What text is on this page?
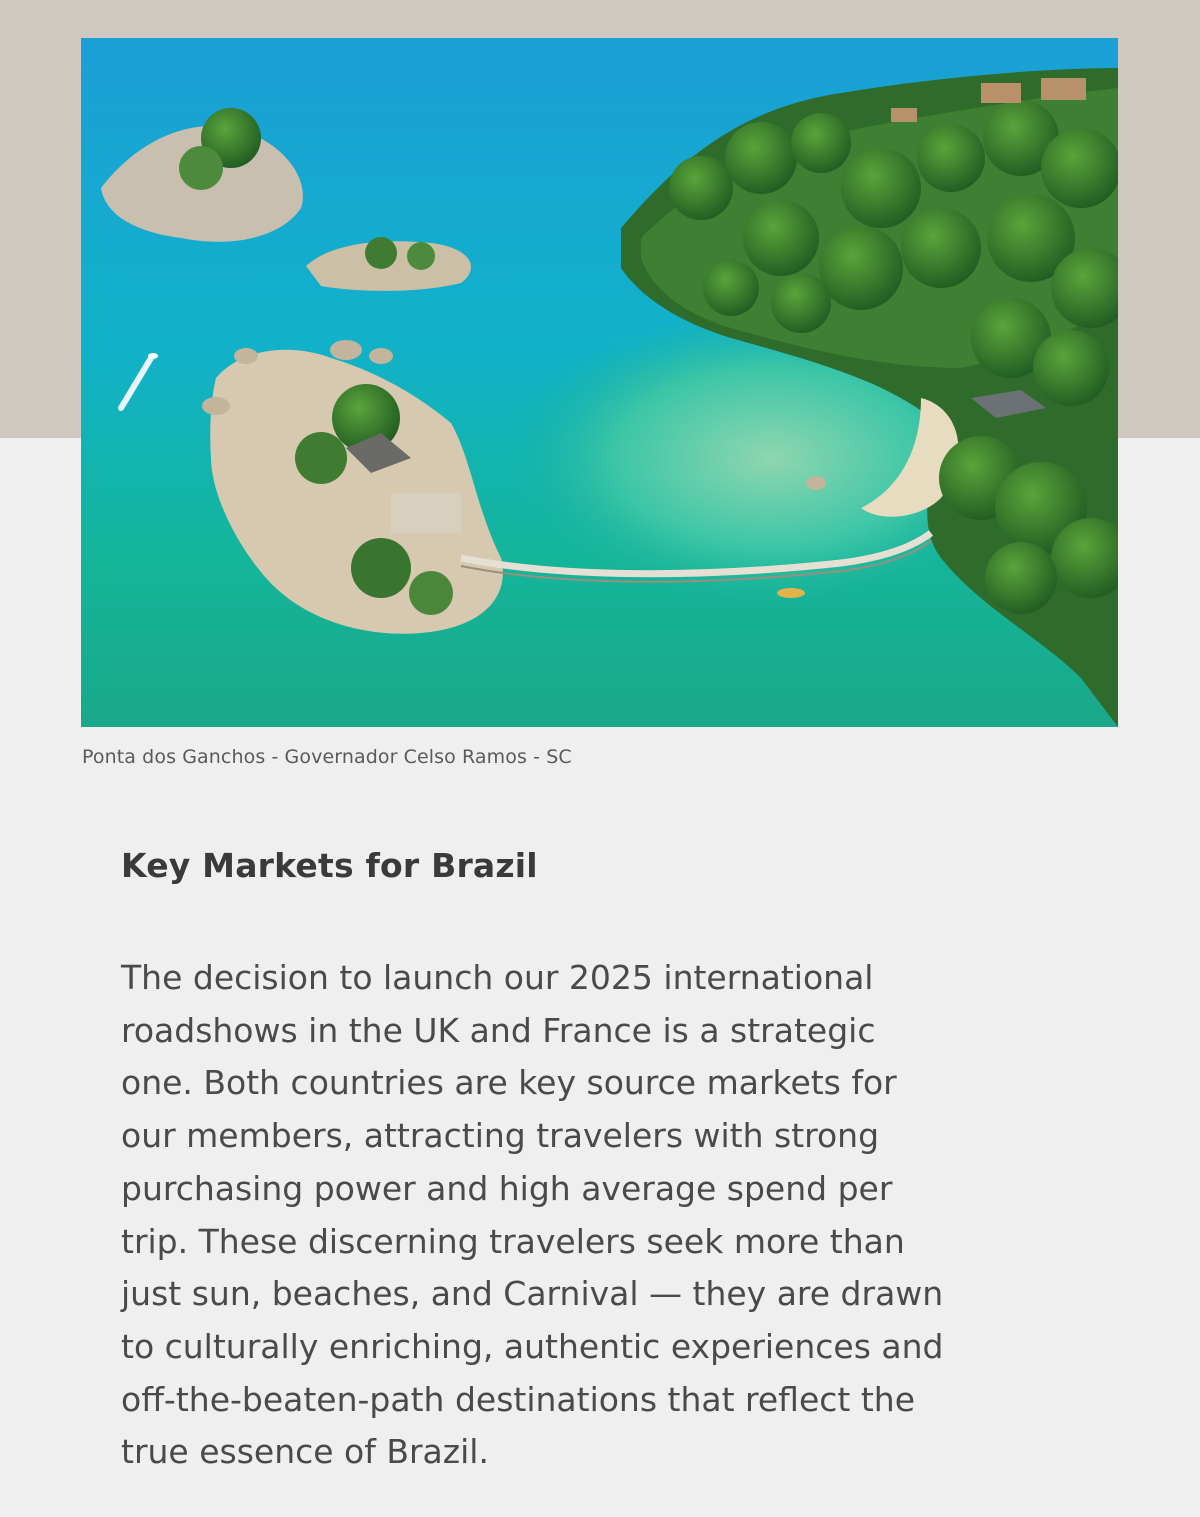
Ponta dos Ganchos - Governador Celso Ramos - SC
Key Markets for Brazil

The decision to launch our 2025 international
roadshows in the UK and France is a strategic
one. Both countries are key source markets for
our members, attracting travelers with strong
purchasing power and high average spend per
trip. These discerning travelers seek more than
just sun, beaches, and Carnival — they are drawn
to culturally enriching, authentic experiences and
off-the-beaten-path destinations that reflect the
true essence of Brazil.
